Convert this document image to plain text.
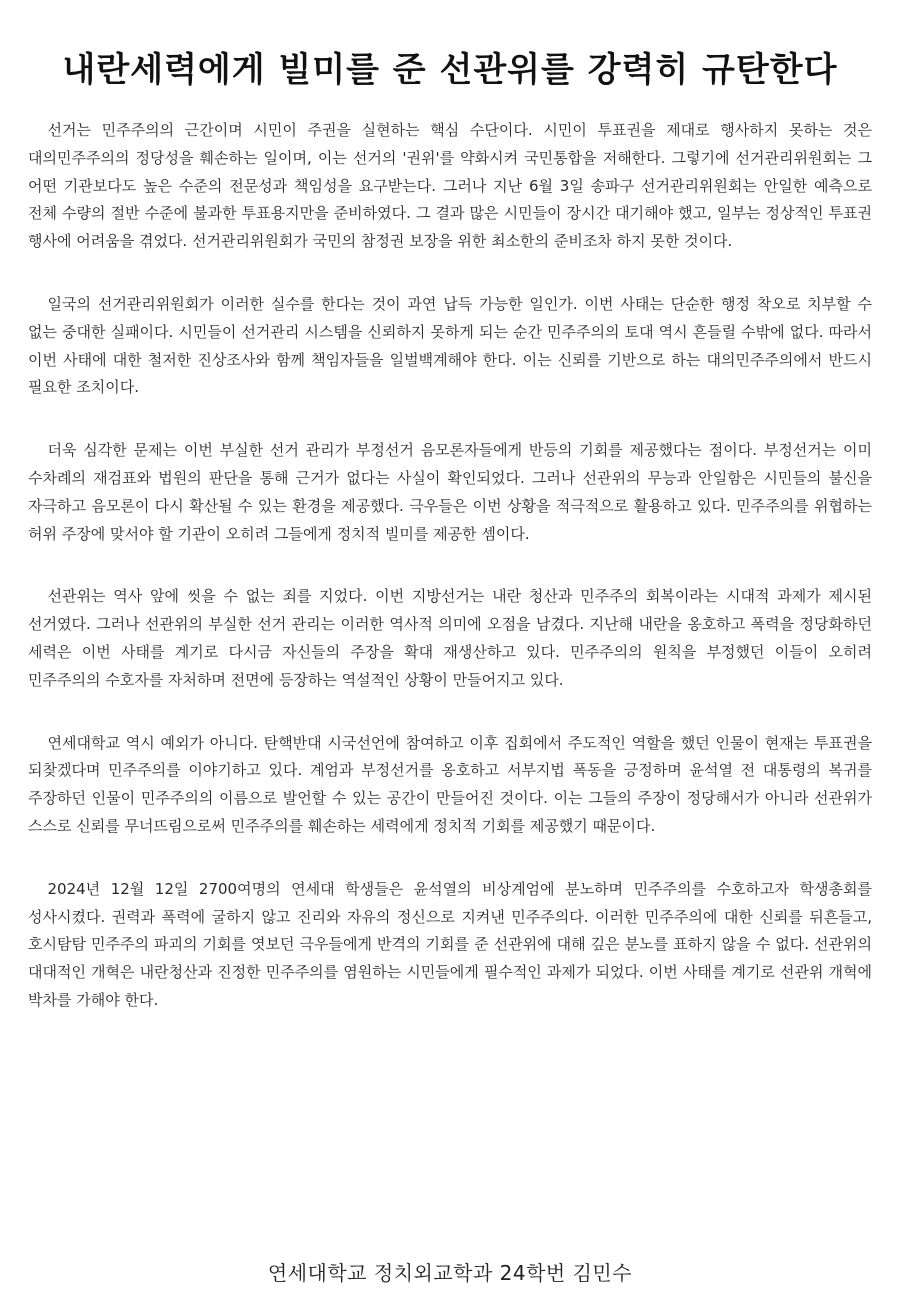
내란세력에게 빌미를 준 선관위를 강력히 규탄한다

선거는 민주주의의 근간이며 시민이 주권을 실현하는 핵심 수단이다. 시민이 투표권을 제대로 행사하지 못하는 것은 대의민주주의의 정당성을 훼손하는 일이며, 이는 선거의 '권위'를 약화시켜 국민통합을 저해한다. 그렇기에 선거관리위원회는 그 어떤 기관보다도 높은 수준의 전문성과 책임성을 요구받는다. 그러나 지난 6월 3일 송파구 선거관리위원회는 안일한 예측으로 전체 수량의 절반 수준에 불과한 투표용지만을 준비하였다. 그 결과 많은 시민들이 장시간 대기해야 했고, 일부는 정상적인 투표권 행사에 어려움을 겪었다. 선거관리위원회가 국민의 참정권 보장을 위한 최소한의 준비조차 하지 못한 것이다.

일국의 선거관리위원회가 이러한 실수를 한다는 것이 과연 납득 가능한 일인가. 이번 사태는 단순한 행정 착오로 치부할 수 없는 중대한 실패이다. 시민들이 선거관리 시스템을 신뢰하지 못하게 되는 순간 민주주의의 토대 역시 흔들릴 수밖에 없다. 따라서 이번 사태에 대한 철저한 진상조사와 함께 책임자들을 일벌백계해야 한다. 이는 신뢰를 기반으로 하는 대의민주주의에서 반드시 필요한 조치이다.

더욱 심각한 문제는 이번 부실한 선거 관리가 부정선거 음모론자들에게 반등의 기회를 제공했다는 점이다. 부정선거는 이미 수차례의 재검표와 법원의 판단을 통해 근거가 없다는 사실이 확인되었다. 그러나 선관위의 무능과 안일함은 시민들의 불신을 자극하고 음모론이 다시 확산될 수 있는 환경을 제공했다. 극우들은 이번 상황을 적극적으로 활용하고 있다. 민주주의를 위협하는 허위 주장에 맞서야 할 기관이 오히려 그들에게 정치적 빌미를 제공한 셈이다.

선관위는 역사 앞에 씻을 수 없는 죄를 지었다. 이번 지방선거는 내란 청산과 민주주의 회복이라는 시대적 과제가 제시된 선거였다. 그러나 선관위의 부실한 선거 관리는 이러한 역사적 의미에 오점을 남겼다. 지난해 내란을 옹호하고 폭력을 정당화하던 세력은 이번 사태를 계기로 다시금 자신들의 주장을 확대 재생산하고 있다. 민주주의의 원칙을 부정했던 이들이 오히려 민주주의의 수호자를 자처하며 전면에 등장하는 역설적인 상황이 만들어지고 있다.

연세대학교 역시 예외가 아니다. 탄핵반대 시국선언에 참여하고 이후 집회에서 주도적인 역할을 했던 인물이 현재는 투표권을 되찾겠다며 민주주의를 이야기하고 있다. 계엄과 부정선거를 옹호하고 서부지법 폭동을 긍정하며 윤석열 전 대통령의 복귀를 주장하던 인물이 민주주의의 이름으로 발언할 수 있는 공간이 만들어진 것이다. 이는 그들의 주장이 정당해서가 아니라 선관위가 스스로 신뢰를 무너뜨림으로써 민주주의를 훼손하는 세력에게 정치적 기회를 제공했기 때문이다.

2024년 12월 12일 2700여명의 연세대 학생들은 윤석열의 비상계엄에 분노하며 민주주의를 수호하고자 학생총회를 성사시켰다. 권력과 폭력에 굴하지 않고 진리와 자유의 정신으로 지켜낸 민주주의다. 이러한 민주주의에 대한 신뢰를 뒤흔들고, 호시탐탐 민주주의 파괴의 기회를 엿보던 극우들에게 반격의 기회를 준 선관위에 대해 깊은 분노를 표하지 않을 수 없다. 선관위의 대대적인 개혁은 내란청산과 진정한 민주주의를 염원하는 시민들에게 필수적인 과제가 되었다. 이번 사태를 계기로 선관위 개혁에 박차를 가해야 한다.

연세대학교 정치외교학과 24학번 김민수
